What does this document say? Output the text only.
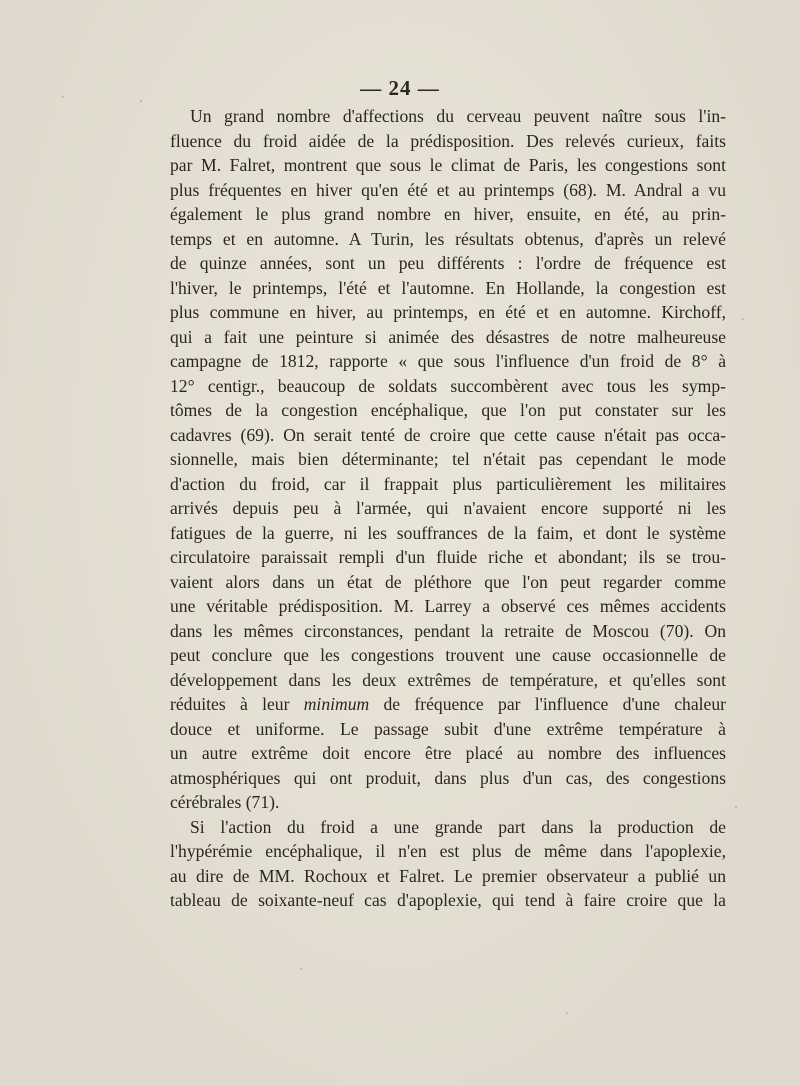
— 24 —
Un grand nombre d'affections du cerveau peuvent naître sous l'in-
fluence du froid aidée de la prédisposition. Des relevés curieux, faits
par M. Falret, montrent que sous le climat de Paris, les congestions sont
plus fréquentes en hiver qu'en été et au printemps (68). M. Andral a vu
également le plus grand nombre en hiver, ensuite, en été, au prin-
temps et en automne. A Turin, les résultats obtenus, d'après un relevé
de quinze années, sont un peu différents : l'ordre de fréquence est
l'hiver, le printemps, l'été et l'automne. En Hollande, la congestion est
plus commune en hiver, au printemps, en été et en automne. Kirchoff,
qui a fait une peinture si animée des désastres de notre malheureuse
campagne de 1812, rapporte « que sous l'influence d'un froid de 8° à
12° centigr., beaucoup de soldats succombèrent avec tous les symp-
tômes de la congestion encéphalique, que l'on put constater sur les
cadavres (69). On serait tenté de croire que cette cause n'était pas occa-
sionnelle, mais bien déterminante; tel n'était pas cependant le mode
d'action du froid, car il frappait plus particulièrement les militaires
arrivés depuis peu à l'armée, qui n'avaient encore supporté ni les
fatigues de la guerre, ni les souffrances de la faim, et dont le système
circulatoire paraissait rempli d'un fluide riche et abondant; ils se trou-
vaient alors dans un état de pléthore que l'on peut regarder comme
une véritable prédisposition. M. Larrey a observé ces mêmes accidents
dans les mêmes circonstances, pendant la retraite de Moscou (70). On
peut conclure que les congestions trouvent une cause occasionnelle de
développement dans les deux extrêmes de température, et qu'elles sont
réduites à leur minimum de fréquence par l'influence d'une chaleur
douce et uniforme. Le passage subit d'une extrême température à
un autre extrême doit encore être placé au nombre des influences
atmosphériques qui ont produit, dans plus d'un cas, des congestions
cérébrales (71).
Si l'action du froid a une grande part dans la production de
l'hypérémie encéphalique, il n'en est plus de même dans l'apoplexie,
au dire de MM. Rochoux et Falret. Le premier observateur a publié un
tableau de soixante-neuf cas d'apoplexie, qui tend à faire croire que la
